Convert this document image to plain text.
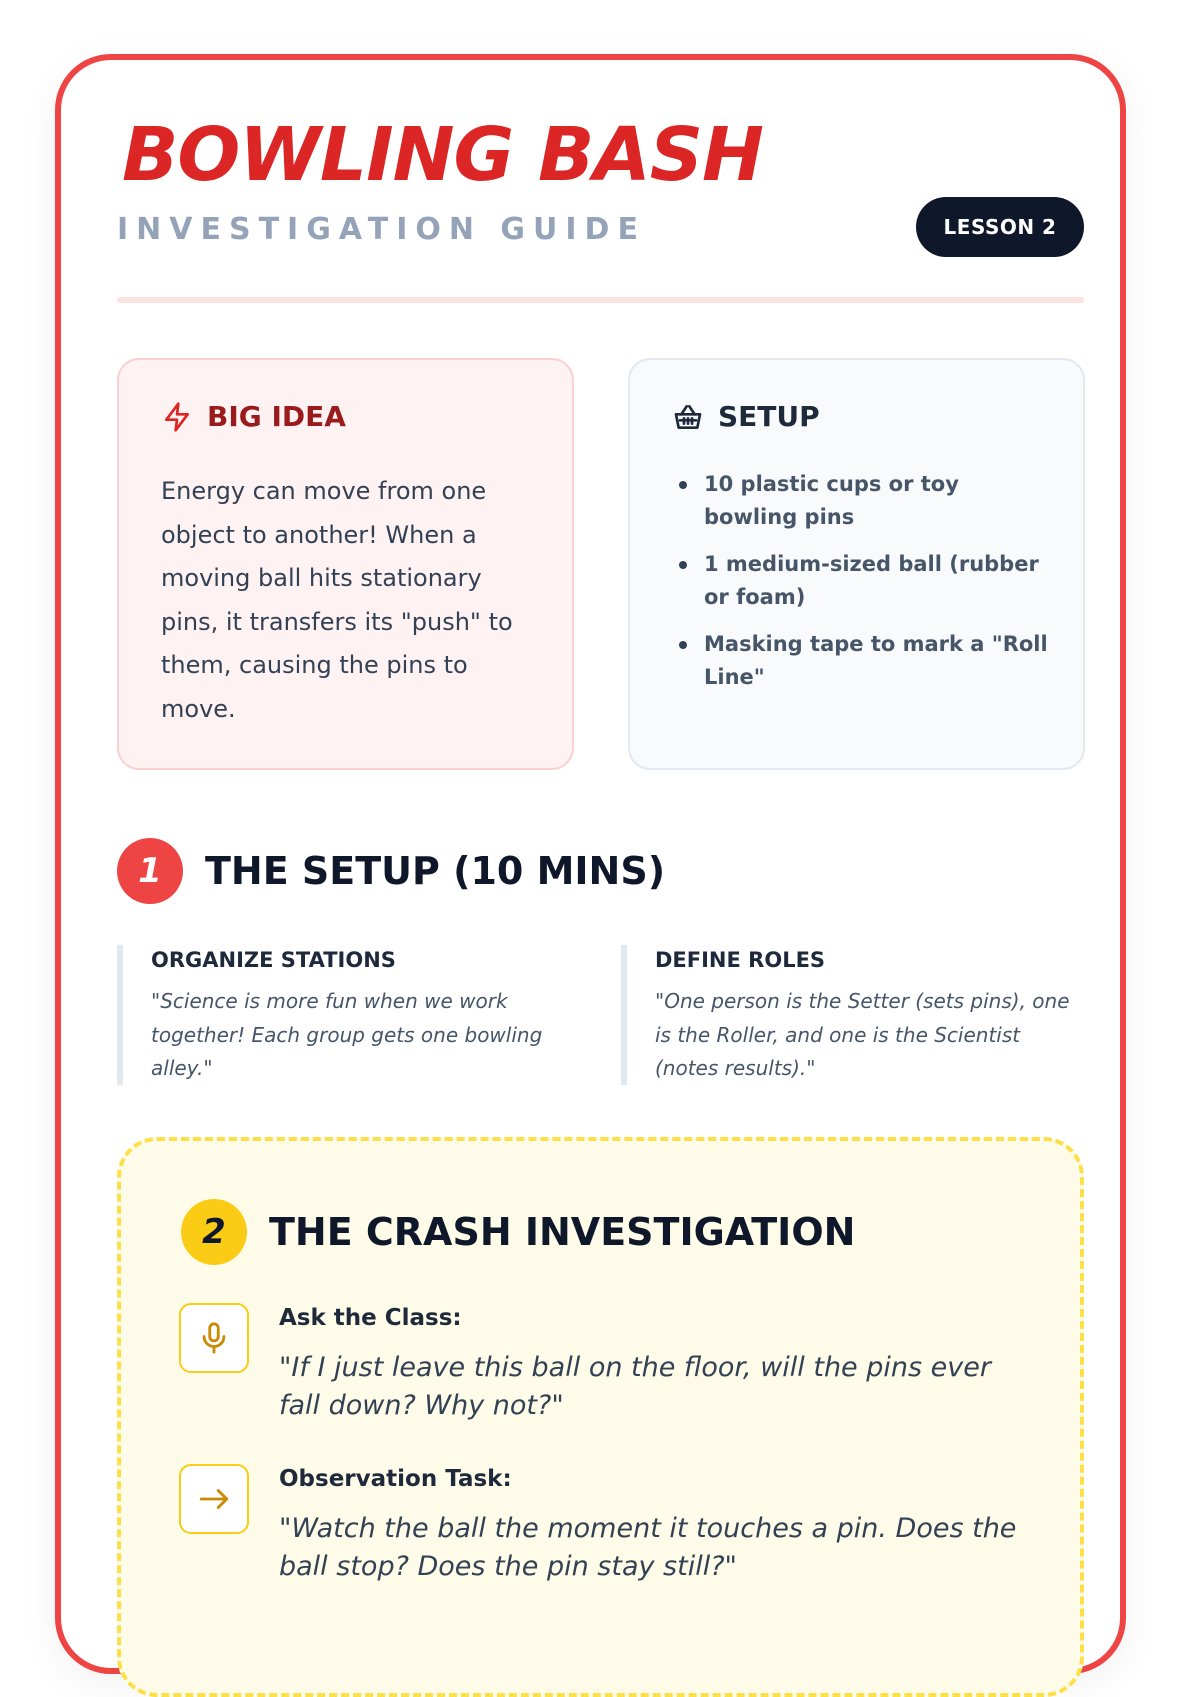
BOWLING BASH
INVESTIGATION GUIDE	LESSON 2
BIG IDEA

Energy can move from one object to another! When a moving ball hits stationary pins, it transfers its "push" to them, causing the pins to move.

SETUP
10 plastic cups or toy bowling pins
1 medium-sized ball (rubber or foam)
Masking tape to mark a "Roll Line"
1	THE SETUP (10 MINS)
ORGANIZE STATIONS
"Science is more fun when we work together! Each group gets one bowling alley."
DEFINE ROLES
"One person is the Setter (sets pins), one is the Roller, and one is the Scientist (notes results)."
2	THE CRASH INVESTIGATION
Ask the Class:
"If I just leave this ball on the floor, will the pins ever fall down? Why not?"
Observation Task:
"Watch the ball the moment it touches a pin. Does the ball stop? Does the pin stay still?"
